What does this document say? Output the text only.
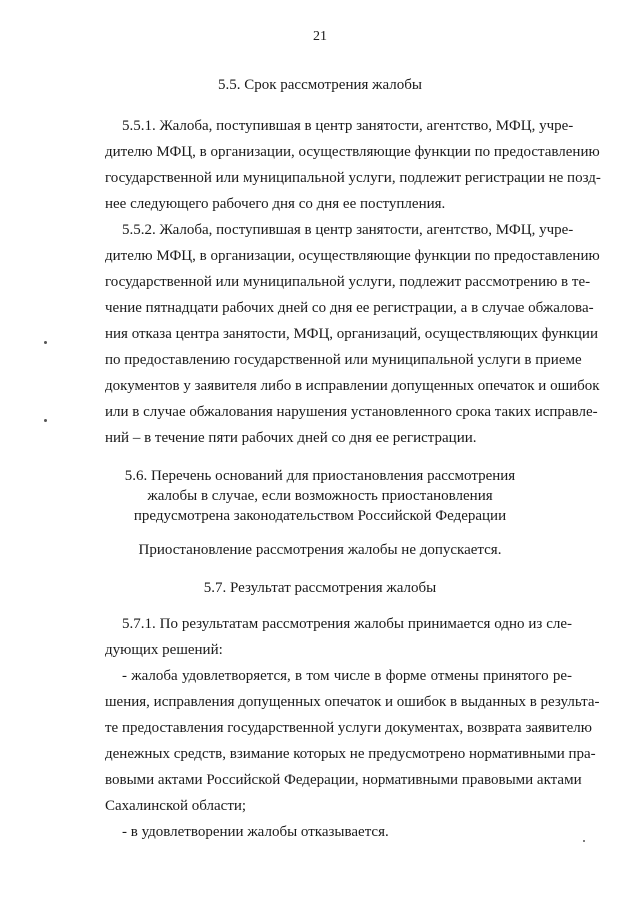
21
5.5. Срок рассмотрения жалобы
5.5.1. Жалоба, поступившая в центр занятости, агентство, МФЦ, учре-
дителю МФЦ, в организации, осуществляющие функции по предоставлению
государственной или муниципальной услуги, подлежит регистрации не позд-
нее следующего рабочего дня со дня ее поступления.
5.5.2. Жалоба, поступившая в центр занятости, агентство, МФЦ, учре-
дителю МФЦ, в организации, осуществляющие функции по предоставлению
государственной или муниципальной услуги, подлежит рассмотрению в те-
чение пятнадцати рабочих дней со дня ее регистрации, а в случае обжалова-
ния отказа центра занятости, МФЦ, организаций, осуществляющих функции
по предоставлению государственной или муниципальной услуги в приеме
документов у заявителя либо в исправлении допущенных опечаток и ошибок
или в случае обжалования нарушения установленного срока таких исправле-
ний – в течение пяти рабочих дней со дня ее регистрации.
5.6. Перечень оснований для приостановления рассмотрения
жалобы в случае, если возможность приостановления
предусмотрена законодательством Российской Федерации
Приостановление рассмотрения жалобы не допускается.
5.7. Результат рассмотрения жалобы
5.7.1. По результатам рассмотрения жалобы принимается одно из сле-
дующих решений:
- жалоба удовлетворяется, в том числе в форме отмены принятого ре-
шения, исправления допущенных опечаток и ошибок в выданных в результа-
те предоставления государственной услуги документах, возврата заявителю
денежных средств, взимание которых не предусмотрено нормативными пра-
вовыми актами Российской Федерации, нормативными правовыми актами
Сахалинской области;
- в удовлетворении жалобы отказывается.
